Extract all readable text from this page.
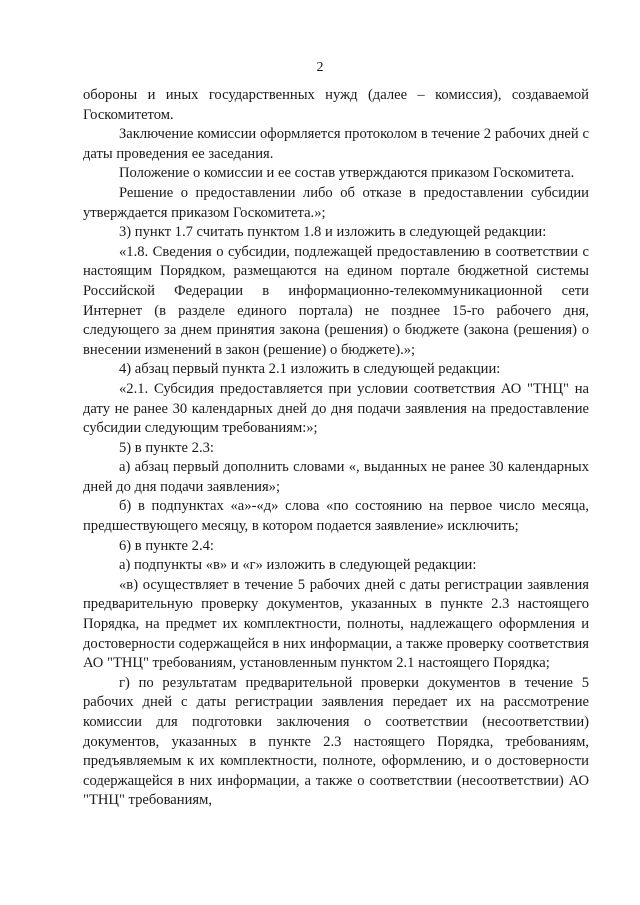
2

обороны и иных государственных нужд (далее – комиссия), создаваемой Госкомитетом.

Заключение комиссии оформляется протоколом в течение 2 рабочих дней с даты проведения ее заседания.

Положение о комиссии и ее состав утверждаются приказом Госкомитета.

Решение о предоставлении либо об отказе в предоставлении субсидии утверждается приказом Госкомитета.»;

3) пункт 1.7 считать пунктом 1.8 и изложить в следующей редакции:

«1.8. Сведения о субсидии, подлежащей предоставлению в соответствии с настоящим Порядком, размещаются на едином портале бюджетной системы Российской Федерации в информационно-телекоммуникационной сети Интернет (в разделе единого портала) не позднее 15-го рабочего дня, следующего за днем принятия закона (решения) о бюджете (закона (решения) о внесении изменений в закон (решение) о бюджете).»;

4) абзац первый пункта 2.1 изложить в следующей редакции:

«2.1. Субсидия предоставляется при условии соответствия АО "ТНЦ" на дату не ранее 30 календарных дней до дня подачи заявления на предоставление субсидии следующим требованиям:»;

5) в пункте 2.3:

а) абзац первый дополнить словами «, выданных не ранее 30 календарных дней до дня подачи заявления»;

б) в подпунктах «а»-«д» слова «по состоянию на первое число месяца, предшествующего месяцу, в котором подается заявление» исключить;

6) в пункте 2.4:

а) подпункты «в» и «г» изложить в следующей редакции:

«в) осуществляет в течение 5 рабочих дней с даты регистрации заявления предварительную проверку документов, указанных в пункте 2.3 настоящего Порядка, на предмет их комплектности, полноты, надлежащего оформления и достоверности содержащейся в них информации, а также проверку соответствия АО "ТНЦ" требованиям, установленным пунктом 2.1 настоящего Порядка;

г) по результатам предварительной проверки документов в течение 5 рабочих дней с даты регистрации заявления передает их на рассмотрение комиссии для подготовки заключения о соответствии (несоответствии) документов, указанных в пункте 2.3 настоящего Порядка, требованиям, предъявляемым к их комплектности, полноте, оформлению, и о достоверности содержащейся в них информации, а также о соответствии (несоответствии) АО "ТНЦ" требованиям,
